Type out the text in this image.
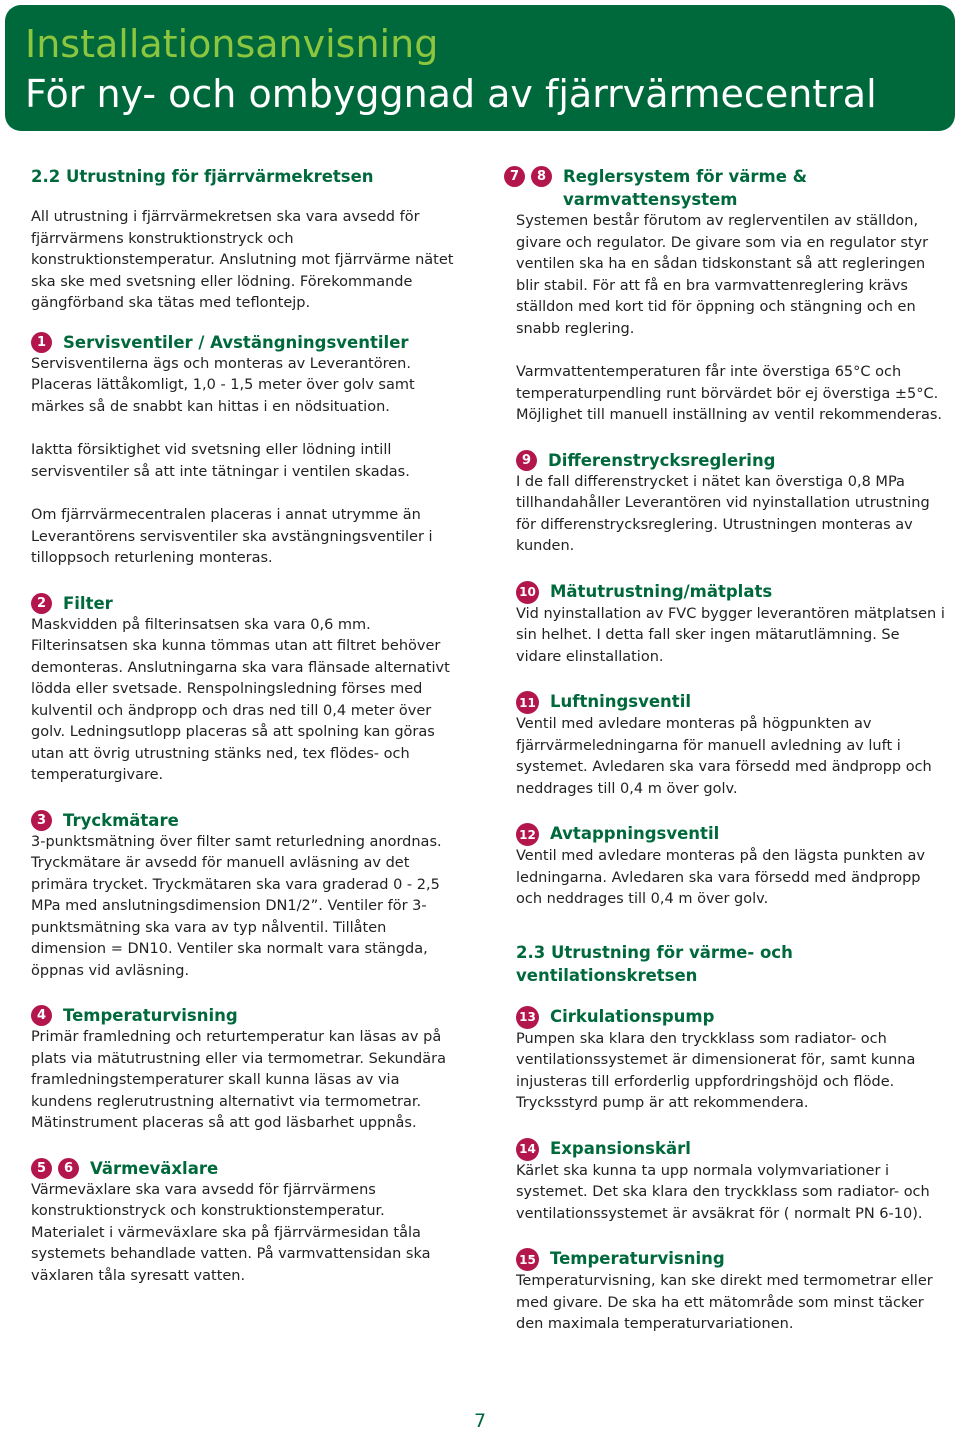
Installationsanvisning
För ny- och ombyggnad av fjärrvärmecentral
2.2 Utrustning för fjärrvärmekretsen
All utrustning i fjärrvärmekretsen ska vara avsedd för fjärrvärmens konstruktionstryck och konstruktionstemperatur. Anslutning mot fjärrvärme nätet ska ske med svetsning eller lödning. Förekommande gängförband ska tätas med teflontejp.
1	Servisventiler / Avstängningsventiler
Servisventilerna ägs och monteras av Leverantören. Placeras lättåkomligt, 1,0 - 1,5 meter över golv samt märkes så de snabbt kan hittas i en nödsituation.
Iaktta försiktighet vid svetsning eller lödning intill servisventiler så att inte tätningar i ventilen skadas.
Om fjärrvärmecentralen placeras i annat utrymme än Leverantörens servisventiler ska avstängningsventiler i tilloppsoch returlening monteras.
2	Filter
Maskvidden på filterinsatsen ska vara 0,6 mm. Filterinsatsen ska kunna tömmas utan att filtret behöver demonteras. Anslutningarna ska vara flänsade alternativt lödda eller svetsade. Renspolningsledning förses med kulventil och ändpropp och dras ned till 0,4 meter över golv. Ledningsutlopp placeras så att spolning kan göras utan att övrig utrustning stänks ned, tex flödes- och temperaturgivare.
3	Tryckmätare
3-punktsmätning över filter samt returledning anordnas. Tryckmätare är avsedd för manuell avläsning av det primära trycket. Tryckmätaren ska vara graderad 0 - 2,5 MPa med anslutningsdimension DN1/2”. Ventiler för 3-punktsmätning ska vara av typ nålventil. Tillåten dimension = DN10. Ventiler ska normalt vara stängda, öppnas vid avläsning.
4	Temperaturvisning
Primär framledning och returtemperatur kan läsas av på plats via mätutrustning eller via termometrar. Sekundära framledningstemperaturer skall kunna läsas av via kundens reglerutrustning alternativt via termometrar. Mätinstrument placeras så att god läsbarhet uppnås.
5	6	Värmeväxlare
Värmeväxlare ska vara avsedd för fjärrvärmens konstruktionstryck och konstruktionstemperatur. Materialet i värmeväxlare ska på fjärrvärmesidan tåla systemets behandlade vatten. På varmvattensidan ska växlaren tåla syresatt vatten.
7	8	Reglersystem för värme & varmvattensystem
Systemen består förutom av reglerventilen av ställdon, givare och regulator. De givare som via en regulator styr ventilen ska ha en sådan tidskonstant så att regleringen blir stabil. För att få en bra varmvattenreglering krävs ställdon med kort tid för öppning och stängning och en snabb reglering.
Varmvattentemperaturen får inte överstiga 65°C och temperaturpendling runt börvärdet bör ej överstiga ±5°C. Möjlighet till manuell inställning av ventil rekommenderas.
9	Differenstrycksreglering
I de fall differenstrycket i nätet kan överstiga 0,8 MPa tillhandahåller Leverantören vid nyinstallation utrustning för differenstrycksreglering. Utrustningen monteras av kunden.
10 Mätutrustning/mätplats
Vid nyinstallation av FVC bygger leverantören mätplatsen i sin helhet. I detta fall sker ingen mätarutlämning. Se vidare elinstallation.
11 Luftningsventil
Ventil med avledare monteras på högpunkten av fjärrvärmeledningarna för manuell avledning av luft i systemet. Avledaren ska vara försedd med ändpropp och neddrages till 0,4 m över golv.
12 Avtappningsventil
Ventil med avledare monteras på den lägsta punkten av ledningarna. Avledaren ska vara försedd med ändpropp och neddrages till 0,4 m över golv.
2.3 Utrustning för värme- och ventilationskretsen
13 Cirkulationspump
Pumpen ska klara den tryckklass som radiator- och ventilationssystemet är dimensionerat för, samt kunna injusteras till erforderlig uppfordringshöjd och flöde. Trycksstyrd pump är att rekommendera.
14 Expansionskärl
Kärlet ska kunna ta upp normala volymvariationer i systemet. Det ska klara den tryckklass som radiator- och ventilationssystemet är avsäkrat för ( normalt PN 6-10).
15 Temperaturvisning
Temperaturvisning, kan ske direkt med termometrar eller med givare. De ska ha ett mätområde som minst täcker den maximala temperaturvariationen.
7
